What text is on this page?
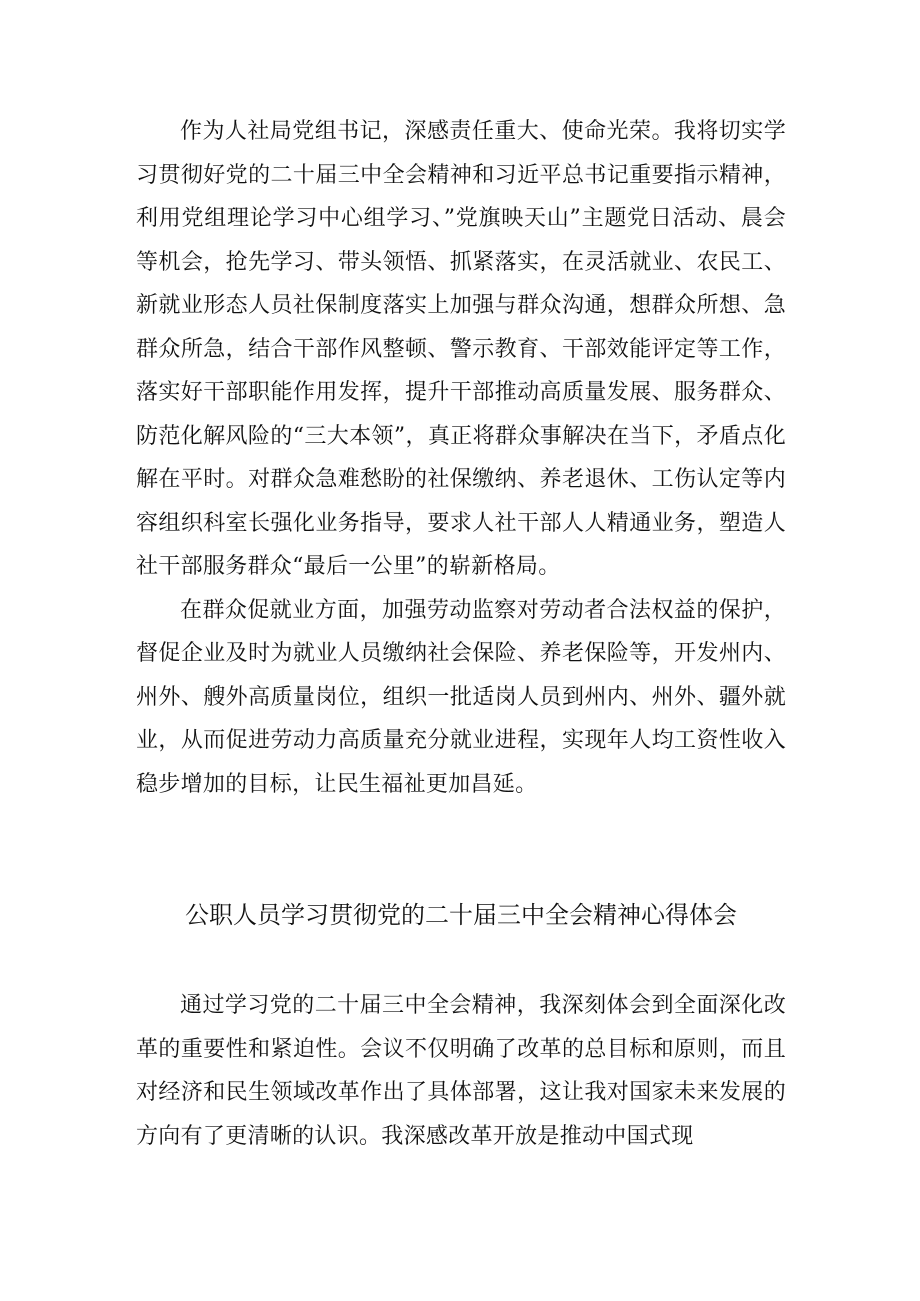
作为人社局党组书记，深感责任重大、使命光荣。我将切实学习贯彻好党的二十届三中全会精神和习近平总书记重要指示精神，利用党组理论学习中心组学习、”党旗映天山”主题党日活动、晨会等机会，抢先学习、带头领悟、抓紧落实，在灵活就业、农民工、新就业形态人员社保制度落实上加强与群众沟通，想群众所想、急群众所急，结合干部作风整顿、警示教育、干部效能评定等工作，落实好干部职能作用发挥，提升干部推动高质量发展、服务群众、防范化解风险的“三大本领”，真正将群众事解决在当下，矛盾点化解在平时。对群众急难愁盼的社保缴纳、养老退休、工伤认定等内容组织科室长强化业务指导，要求人社干部人人精通业务，塑造人社干部服务群众“最后一公里”的崭新格局。

在群众促就业方面，加强劳动监察对劳动者合法权益的保护，督促企业及时为就业人员缴纳社会保险、养老保险等，开发州内、州外、艘外高质量岗位，组织一批适岗人员到州内、州外、疆外就业，从而促进劳动力高质量充分就业进程，实现年人均工资性收入稳步增加的目标，让民生福祉更加昌延。

公职人员学习贯彻党的二十届三中全会精神心得体会

通过学习党的二十届三中全会精神，我深刻体会到全面深化改革的重要性和紧迫性。会议不仅明确了改革的总目标和原则，而且对经济和民生领域改革作出了具体部署，这让我对国家未来发展的方向有了更清晰的认识。我深感改革开放是推动中国式现
